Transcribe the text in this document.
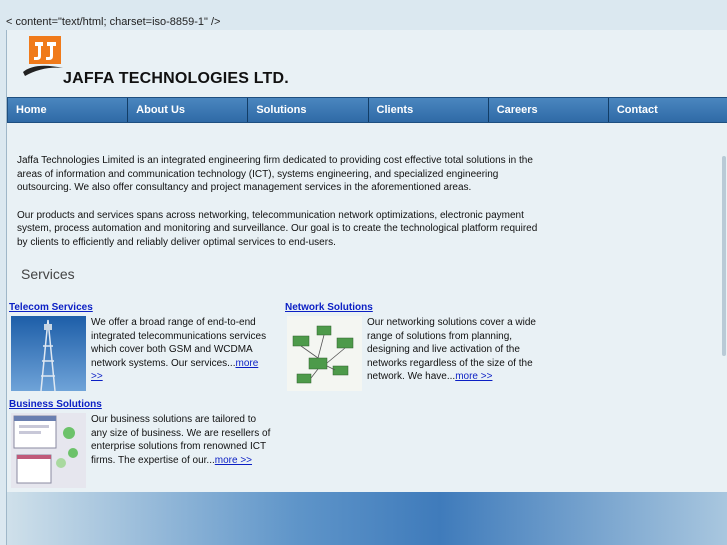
< content="text/html; charset=iso-8859-1" />
JAFFA TECHNOLOGIES LTD.
Home	About Us	Solutions	Clients	Careers	Contact

Jaffa Technologies Limited is an integrated engineering firm dedicated to providing cost effective total solutions in the areas of information and communication technology (ICT), systems engineering, and specialized engineering outsourcing. We also offer consultancy and project management services in the aforementioned areas.

Our products and services spans across networking, telecommunication network optimizations, electronic payment system, process automation and monitoring and surveillance. Our goal is to create the technological platform required by clients to efficiently and reliably deliver optimal services to end-users.

Services
Telecom Services
We offer a broad range of end-to-end integrated telecommunications services which cover both GSM and WCDMA network systems. Our services...more >>
Network Solutions
Our networking solutions cover a wide range of solutions from planning, designing and live activation of the networks regardless of the size of the network. We have...more >>
Business Solutions
Our business solutions are tailored to any size of business. We are resellers of enterprise solutions from renowned ICT firms. The expertise of our...more >>
